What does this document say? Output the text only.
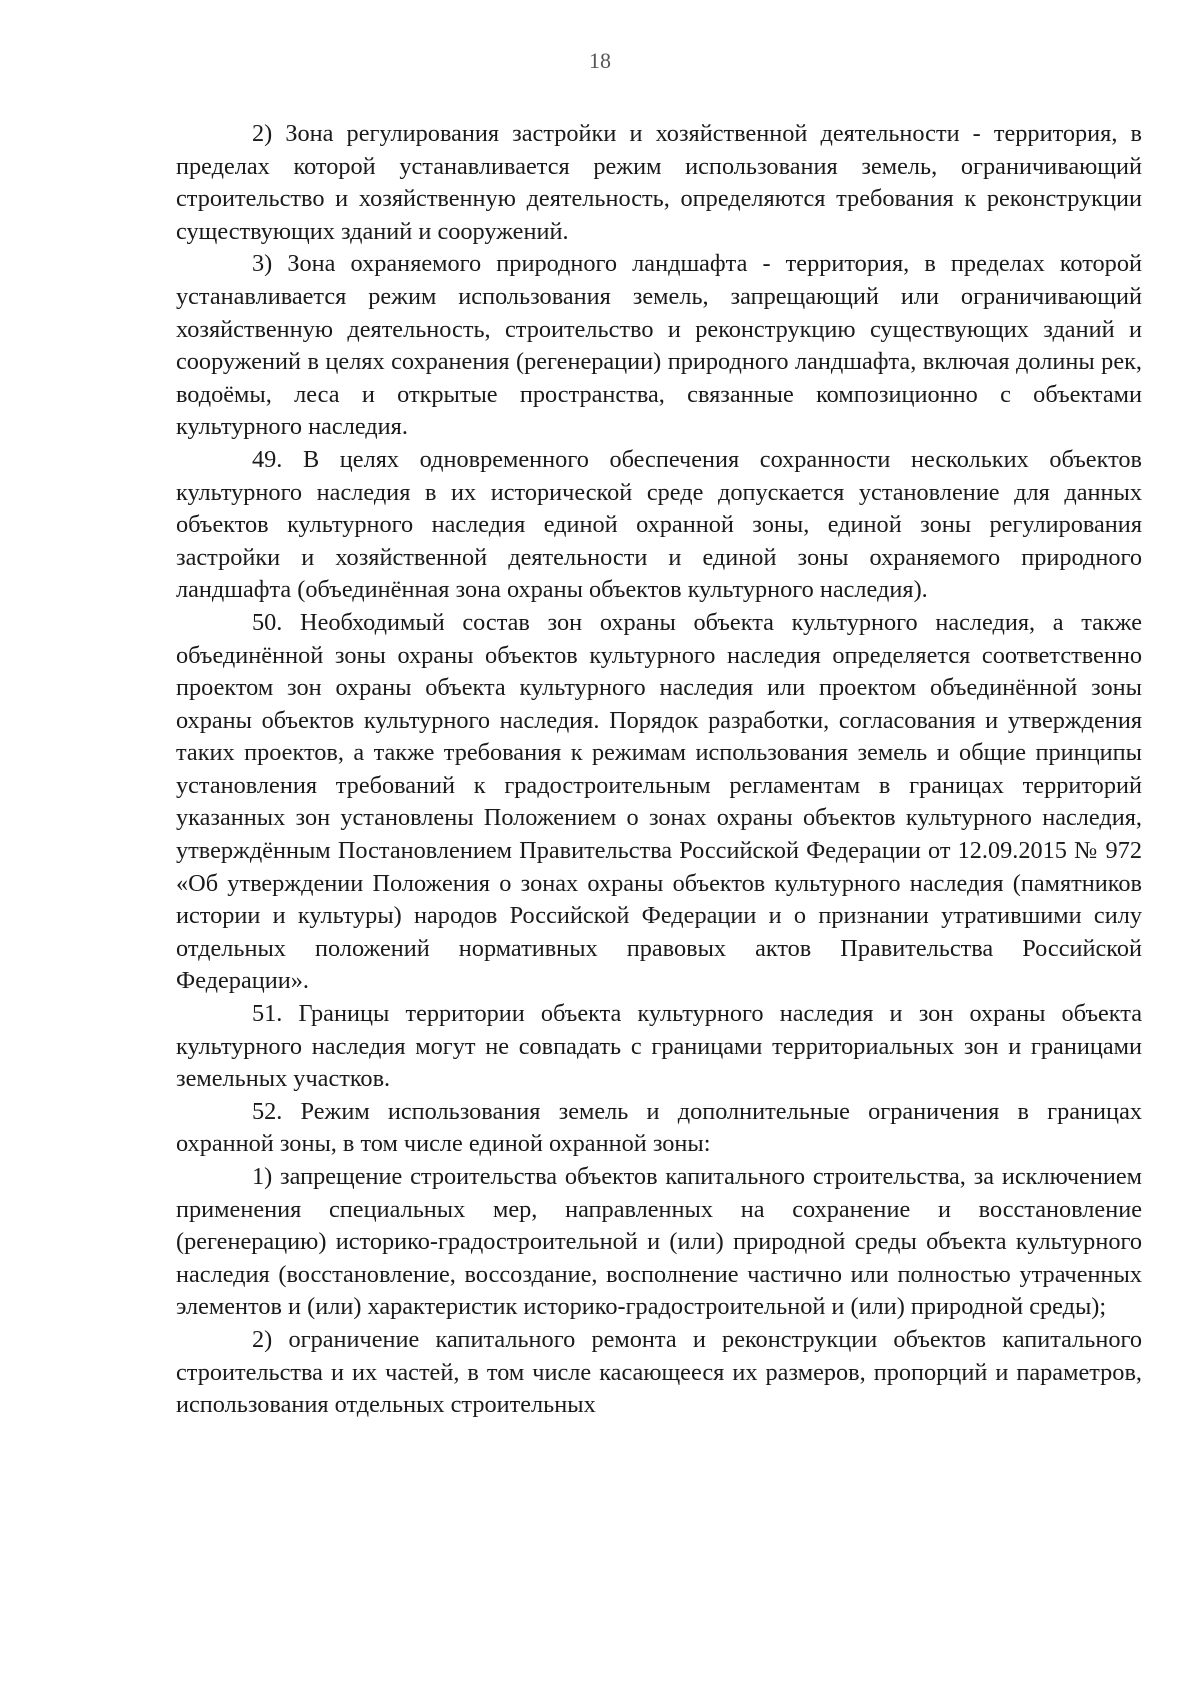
18

2) Зона регулирования застройки и хозяйственной деятельности - территория, в пределах которой устанавливается режим использования земель, ограничивающий строительство и хозяйственную деятельность, определяются требования к реконструкции существующих зданий и сооружений.

3) Зона охраняемого природного ландшафта - территория, в пределах которой устанавливается режим использования земель, запрещающий или ограничивающий хозяйственную деятельность, строительство и реконструкцию существующих зданий и сооружений в целях сохранения (регенерации) природного ландшафта, включая долины рек, водоёмы, леса и открытые пространства, связанные композиционно с объектами культурного наследия.

49. В целях одновременного обеспечения сохранности нескольких объектов культурного наследия в их исторической среде допускается установление для данных объектов культурного наследия единой охранной зоны, единой зоны регулирования застройки и хозяйственной деятельности и единой зоны охраняемого природного ландшафта (объединённая зона охраны объектов культурного наследия).

50. Необходимый состав зон охраны объекта культурного наследия, а также объединённой зоны охраны объектов культурного наследия определяется соответственно проектом зон охраны объекта культурного наследия или проектом объединённой зоны охраны объектов культурного наследия. Порядок разработки, согласования и утверждения таких проектов, а также требования к режимам использования земель и общие принципы установления требований к градостроительным регламентам в границах территорий указанных зон установлены Положением о зонах охраны объектов культурного наследия, утверждённым Постановлением Правительства Российской Федерации от 12.09.2015 № 972 «Об утверждении Положения о зонах охраны объектов культурного наследия (памятников истории и культуры) народов Российской Федерации и о признании утратившими силу отдельных положений нормативных правовых актов Правительства Российской Федерации».

51. Границы территории объекта культурного наследия и зон охраны объекта культурного наследия могут не совпадать с границами территориальных зон и границами земельных участков.

52. Режим использования земель и дополнительные ограничения в границах охранной зоны, в том числе единой охранной зоны:

1) запрещение строительства объектов капитального строительства, за исключением применения специальных мер, направленных на сохранение и восстановление (регенерацию) историко-градостроительной и (или) природной среды объекта культурного наследия (восстановление, воссоздание, восполнение частично или полностью утраченных элементов и (или) характеристик историко-градостроительной и (или) природной среды);

2) ограничение капитального ремонта и реконструкции объектов капитального строительства и их частей, в том числе касающееся их размеров, пропорций и параметров, использования отдельных строительных
